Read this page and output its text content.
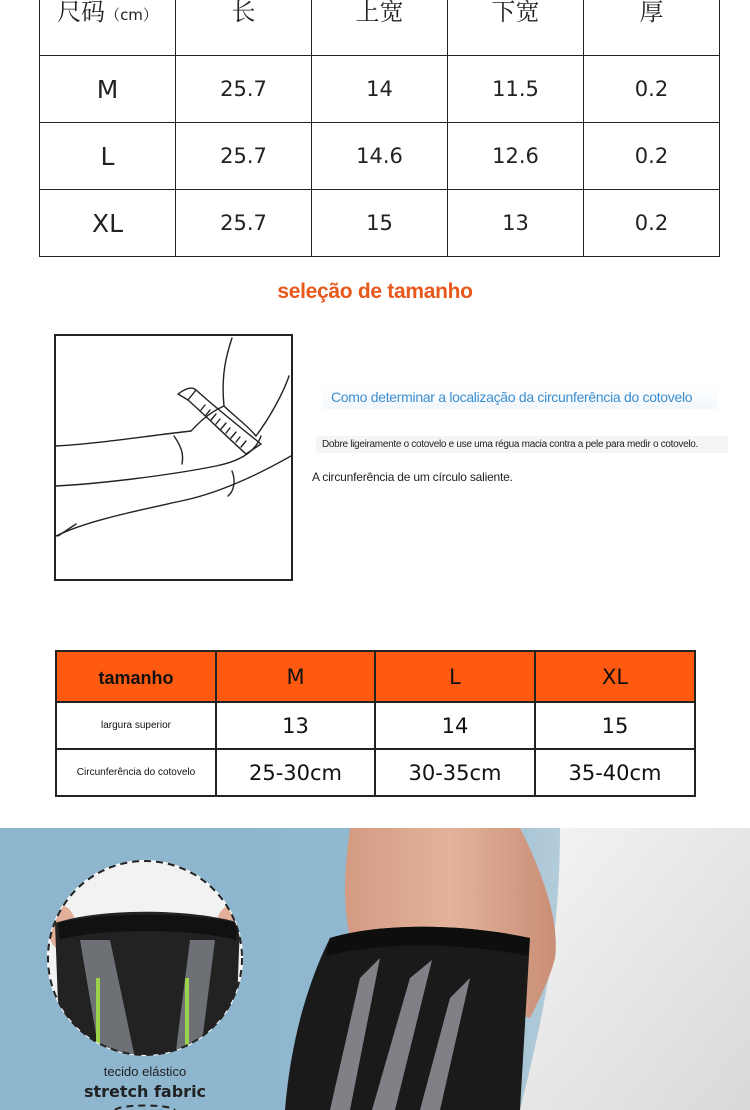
尺码（cm）	长	上宽	下宽	厚
M	25.7	14	11.5	0.2
L	25.7	14.6	12.6	0.2
XL	25.7	15	13	0.2
seleção de tamanho
Como determinar a localização da circunferência do cotovelo
Dobre ligeiramente o cotovelo e use uma régua macia contra a pele para medir o cotovelo.
A circunferência de um círculo saliente.
tamanho	M	L	XL
largura superior	13	14	15
Circunferência do cotovelo	25-30cm	30-35cm	35-40cm
tecido elástico
stretch fabric
